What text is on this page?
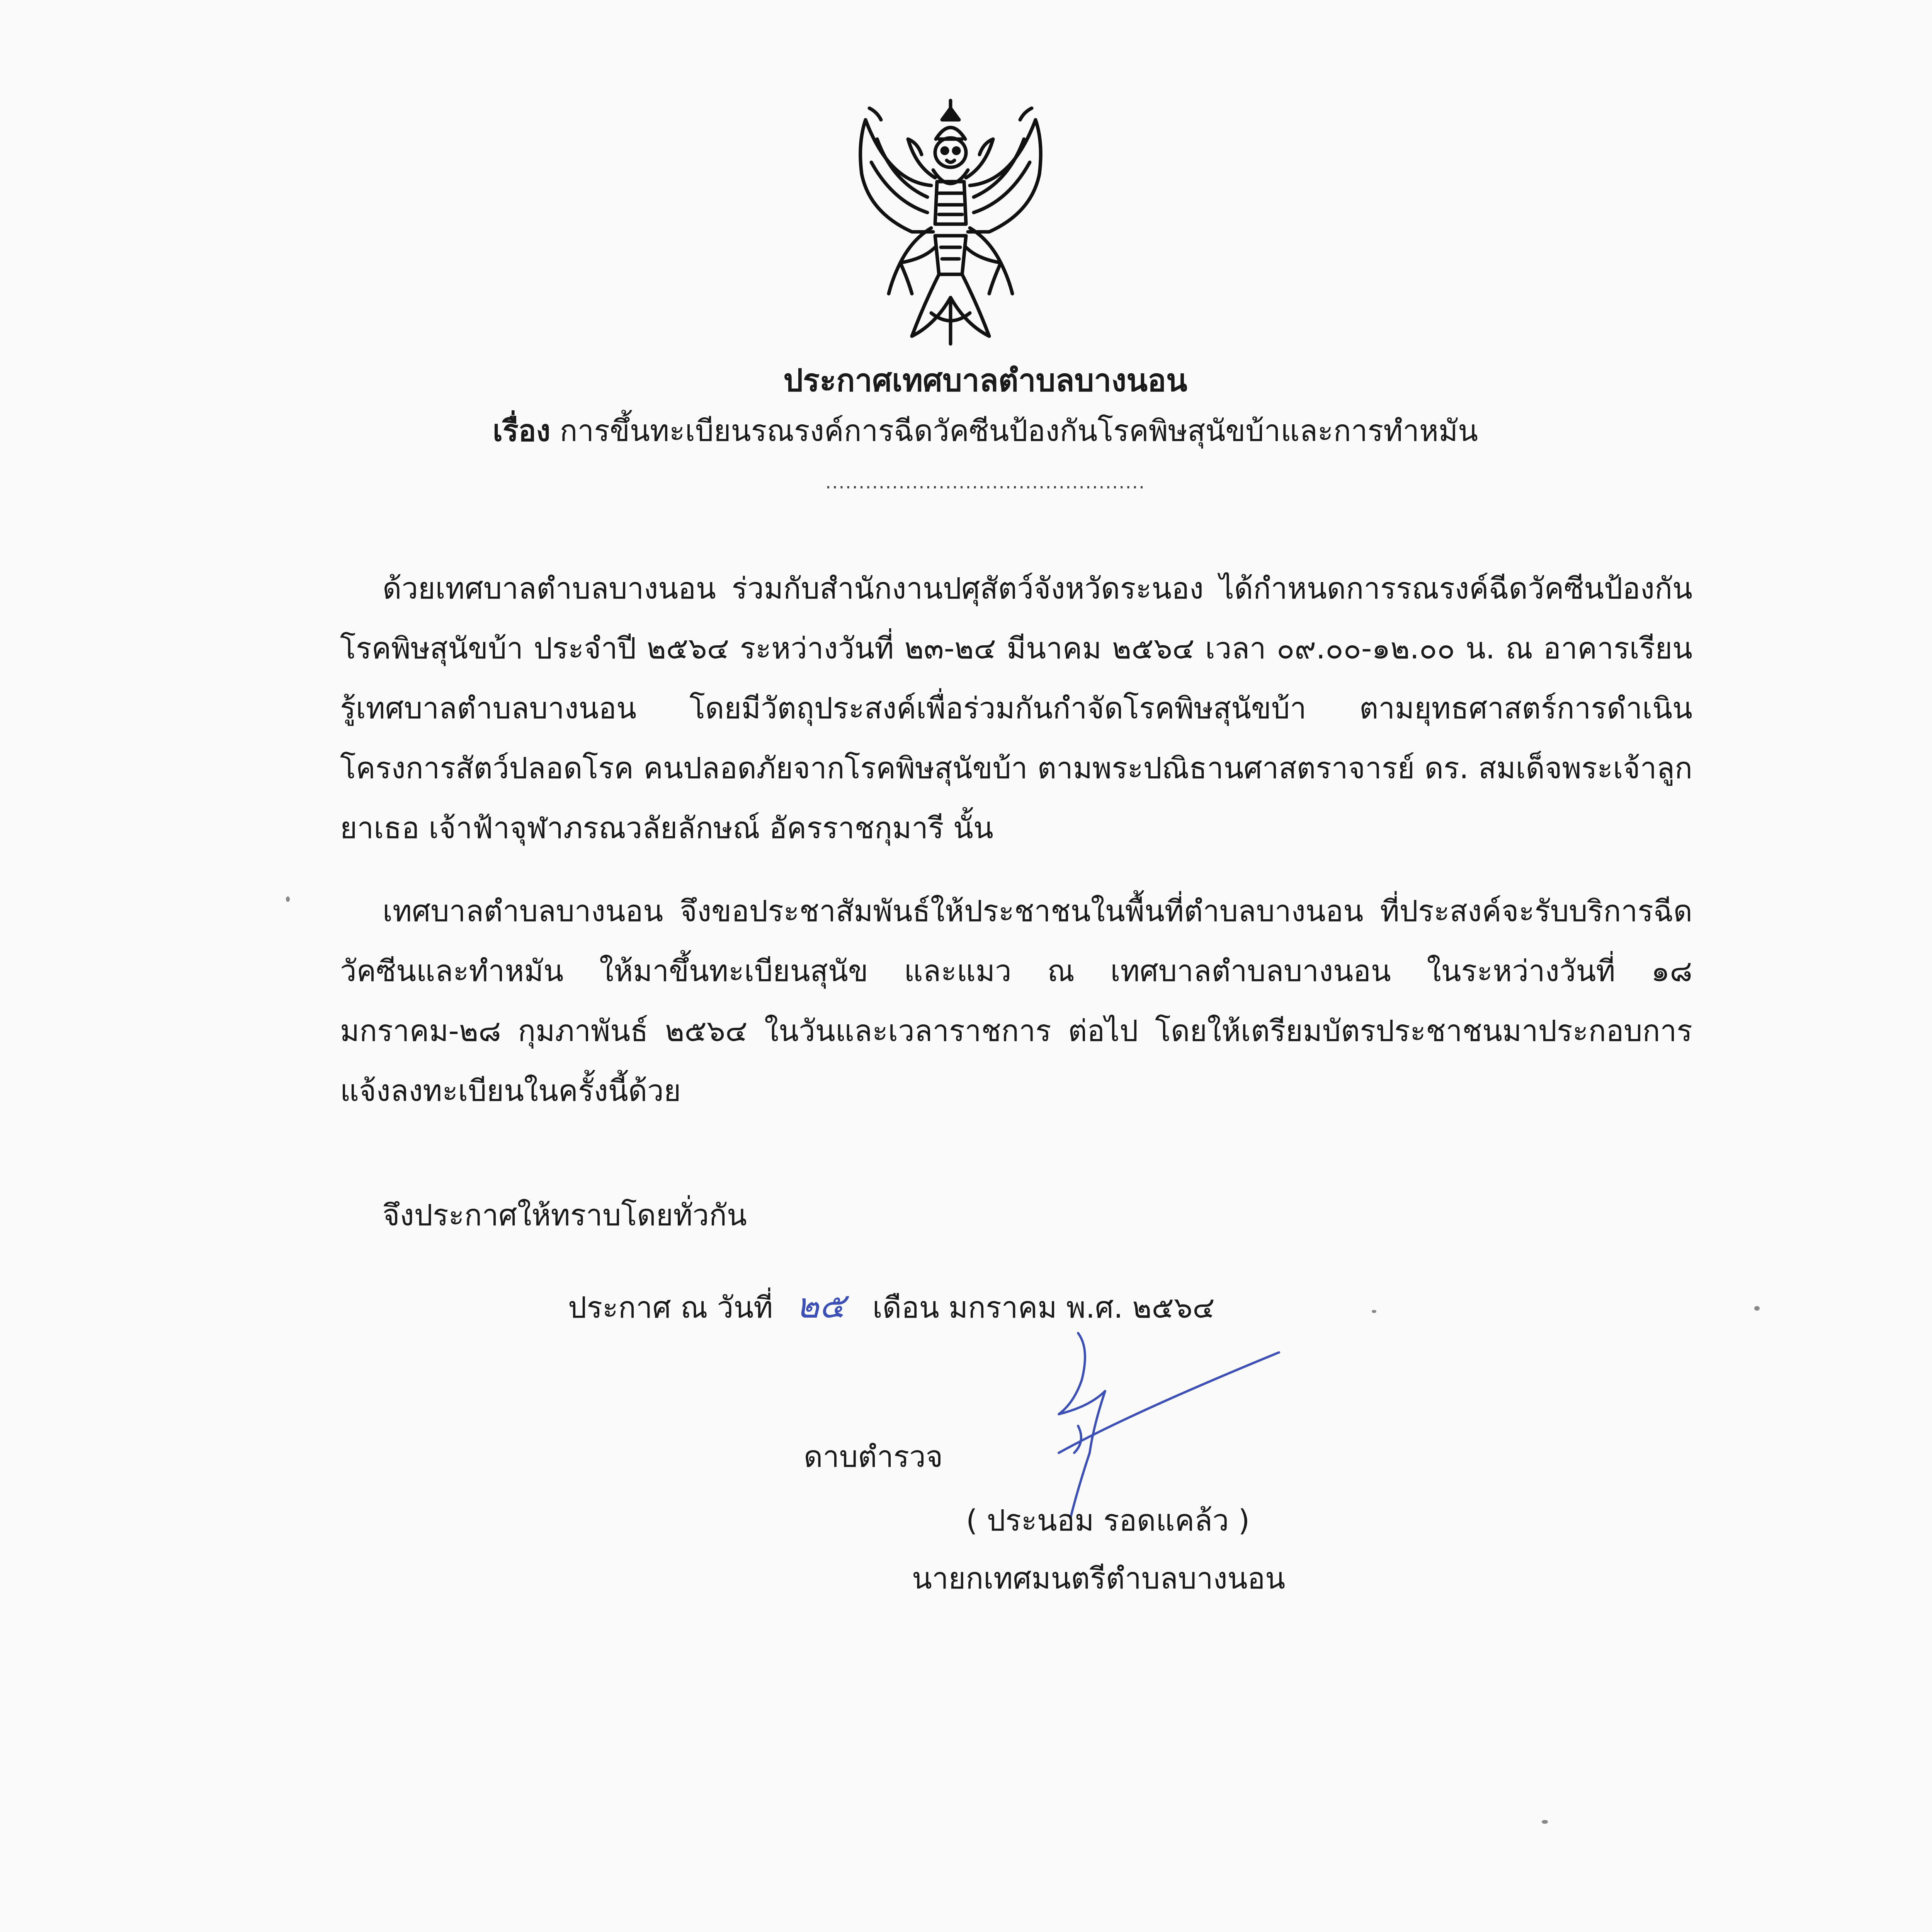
ประกาศเทศบาลตำบลบางนอน
เรื่อง การขึ้นทะเบียนรณรงค์การฉีดวัคซีนป้องกันโรคพิษสุนัขบ้าและการทำหมัน
................................................
ด้วยเทศบาลตำบลบางนอน ร่วมกับสำนักงานปศุสัตว์จังหวัดระนอง ได้กำหนดการรณรงค์ฉีดวัคซีนป้องกันโรคพิษสุนัขบ้า ประจำปี ๒๕๖๔ ระหว่างวันที่ ๒๓-๒๔ มีนาคม ๒๕๖๔ เวลา ๐๙.๐๐-๑๒.๐๐ น. ณ อาคารเรียนรู้เทศบาลตำบลบางนอน โดยมีวัตถุประสงค์เพื่อร่วมกันกำจัดโรคพิษสุนัขบ้า ตามยุทธศาสตร์การดำเนินโครงการสัตว์ปลอดโรค คนปลอดภัยจากโรคพิษสุนัขบ้า ตามพระปณิธานศาสตราจารย์ ดร. สมเด็จพระเจ้าลูกยาเธอ เจ้าฟ้าจุฬาภรณวลัยลักษณ์ อัครราชกุมารี นั้น
เทศบาลตำบลบางนอน จึงขอประชาสัมพันธ์ให้ประชาชนในพื้นที่ตำบลบางนอน ที่ประสงค์จะรับบริการฉีดวัคซีนและทำหมัน ให้มาขึ้นทะเบียนสุนัข และแมว ณ เทศบาลตำบลบางนอน ในระหว่างวันที่ ๑๘ มกราคม-๒๘ กุมภาพันธ์ ๒๕๖๔ ในวันและเวลาราชการ ต่อไป โดยให้เตรียมบัตรประชาชนมาประกอบการแจ้งลงทะเบียนในครั้งนี้ด้วย
จึงประกาศให้ทราบโดยทั่วกัน
ประกาศ ณ วันที่ ๒๕ เดือน มกราคม พ.ศ. ๒๕๖๔
ดาบตำรวจ
( ประนอม รอดแคล้ว )
นายกเทศมนตรีตำบลบางนอน
